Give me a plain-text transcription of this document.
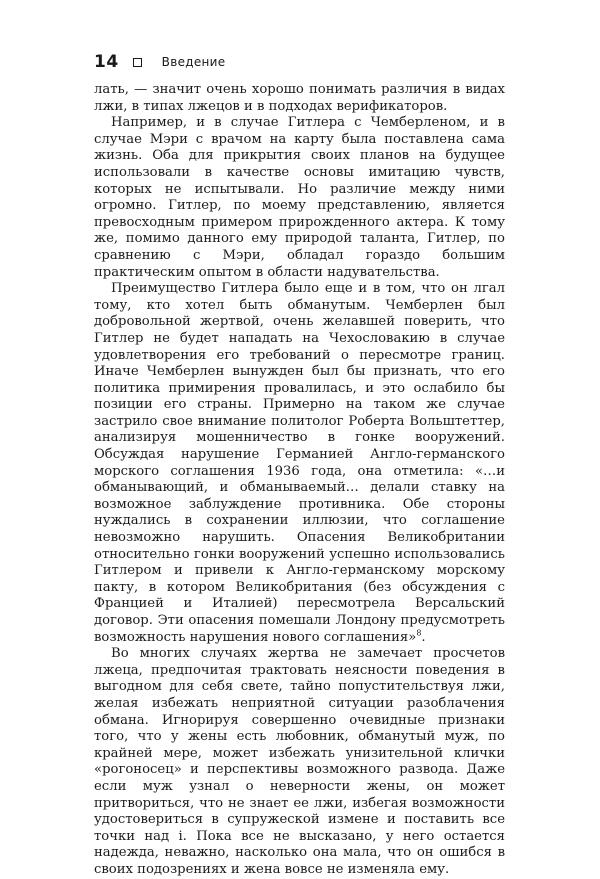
14	Введение

лать, — значит очень хорошо понимать различия в видах лжи, в типах лжецов и в подходах верификаторов.

Например, и в случае Гитлера с Чемберленом, и в случае Мэри с врачом на карту была поставлена сама жизнь. Оба для прикрытия своих планов на будущее использовали в качестве основы имитацию чувств, которых не испытывали. Но различие между ними огромно. Гитлер, по моему представлению, является превосходным примером прирожденного актера. К тому же, помимо данного ему природой таланта, Гитлер, по сравнению с Мэри, обладал гораздо большим практическим опытом в области надувательства.

Преимущество Гитлера было еще и в том, что он лгал тому, кто хотел быть обманутым. Чемберлен был добровольной жертвой, очень желавшей поверить, что Гитлер не будет нападать на Чехословакию в случае удовлетворения его требований о пересмотре границ. Иначе Чемберлен вынужден был бы признать, что его политика примирения провалилась, и это ослабило бы позиции его страны. Примерно на таком же случае застрило свое внимание политолог Роберта Вольштеттер, анализируя мошенничество в гонке вооружений. Обсуждая нарушение Германией Англо-германского морского соглашения 1936 года, она отметила: «…и обманывающий, и обманываемый… делали ставку на возможное заблуждение противника. Обе стороны нуждались в сохранении иллюзии, что соглашение невозможно нарушить. Опасения Великобритании относительно гонки вооружений успешно использовались Гитлером и привели к Англо-германскому морскому пакту, в котором Великобритания (без обсуждения с Францией и Италией) пересмотрела Версальский договор. Эти опасения помешали Лондону предусмотреть возможность нарушения нового соглашения»$^8$.

Во многих случаях жертва не замечает просчетов лжеца, предпочитая трактовать неясности поведения в выгодном для себя свете, тайно попустительствуя лжи, желая избежать неприятной ситуации разоблачения обмана. Игнорируя совершенно очевидные признаки того, что у жены есть любовник, обманутый муж, по крайней мере, может избежать унизительной клички «рогоносец» и перспективы возможного развода. Даже если муж узнал о неверности жены, он может притвориться, что не знает ее лжи, избегая возможности удостовериться в супружеской измене и поставить все точки над i. Пока все не высказано, у него остается надежда, неважно, насколько она мала, что он ошибся в своих подозрениях и жена вовсе не изменяла ему.
